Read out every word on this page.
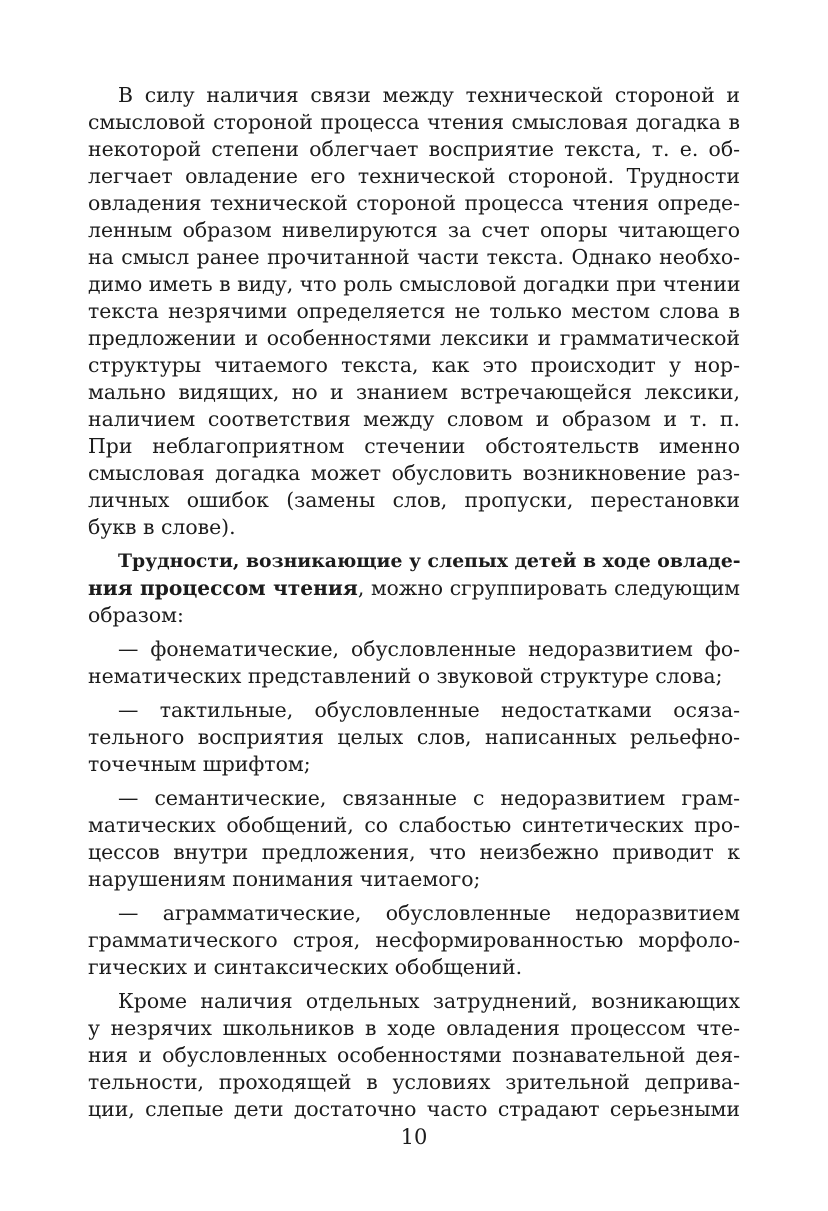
В силу наличия связи между технической стороной и
смысловой стороной процесса чтения смысловая догадка в
некоторой степени облегчает восприятие текста, т. е. об-
легчает овладение его технической стороной. Трудности
овладения технической стороной процесса чтения опреде-
ленным образом нивелируются за счет опоры читающего
на смысл ранее прочитанной части текста. Однако необхо-
димо иметь в виду, что роль смысловой догадки при чтении
текста незрячими определяется не только местом слова в
предложении и особенностями лексики и грамматической
структуры читаемого текста, как это происходит у нор-
мально видящих, но и знанием встречающейся лексики,
наличием соответствия между словом и образом и т. п.
При неблагоприятном стечении обстоятельств именно
смысловая догадка может обусловить возникновение раз-
личных ошибок (замены слов, пропуски, перестановки
букв в слове).
Трудности, возникающие у слепых детей в ходе овладе-
ния процессом чтения, можно сгруппировать следующим
образом:
— фонематические, обусловленные недоразвитием фо-
нематических представлений о звуковой структуре слова;
— тактильные, обусловленные недостатками осяза-
тельного восприятия целых слов, написанных рельефно-
точечным шрифтом;
— семантические, связанные с недоразвитием грам-
матических обобщений, со слабостью синтетических про-
цессов внутри предложения, что неизбежно приводит к
нарушениям понимания читаемого;
— аграмматические, обусловленные недоразвитием
грамматического строя, несформированностью морфоло-
гических и синтаксических обобщений.
Кроме наличия отдельных затруднений, возникающих
у незрячих школьников в ходе овладения процессом чте-
ния и обусловленных особенностями познавательной дея-
тельности, проходящей в условиях зрительной деприва-
ции, слепые дети достаточно часто страдают серьезными
10
